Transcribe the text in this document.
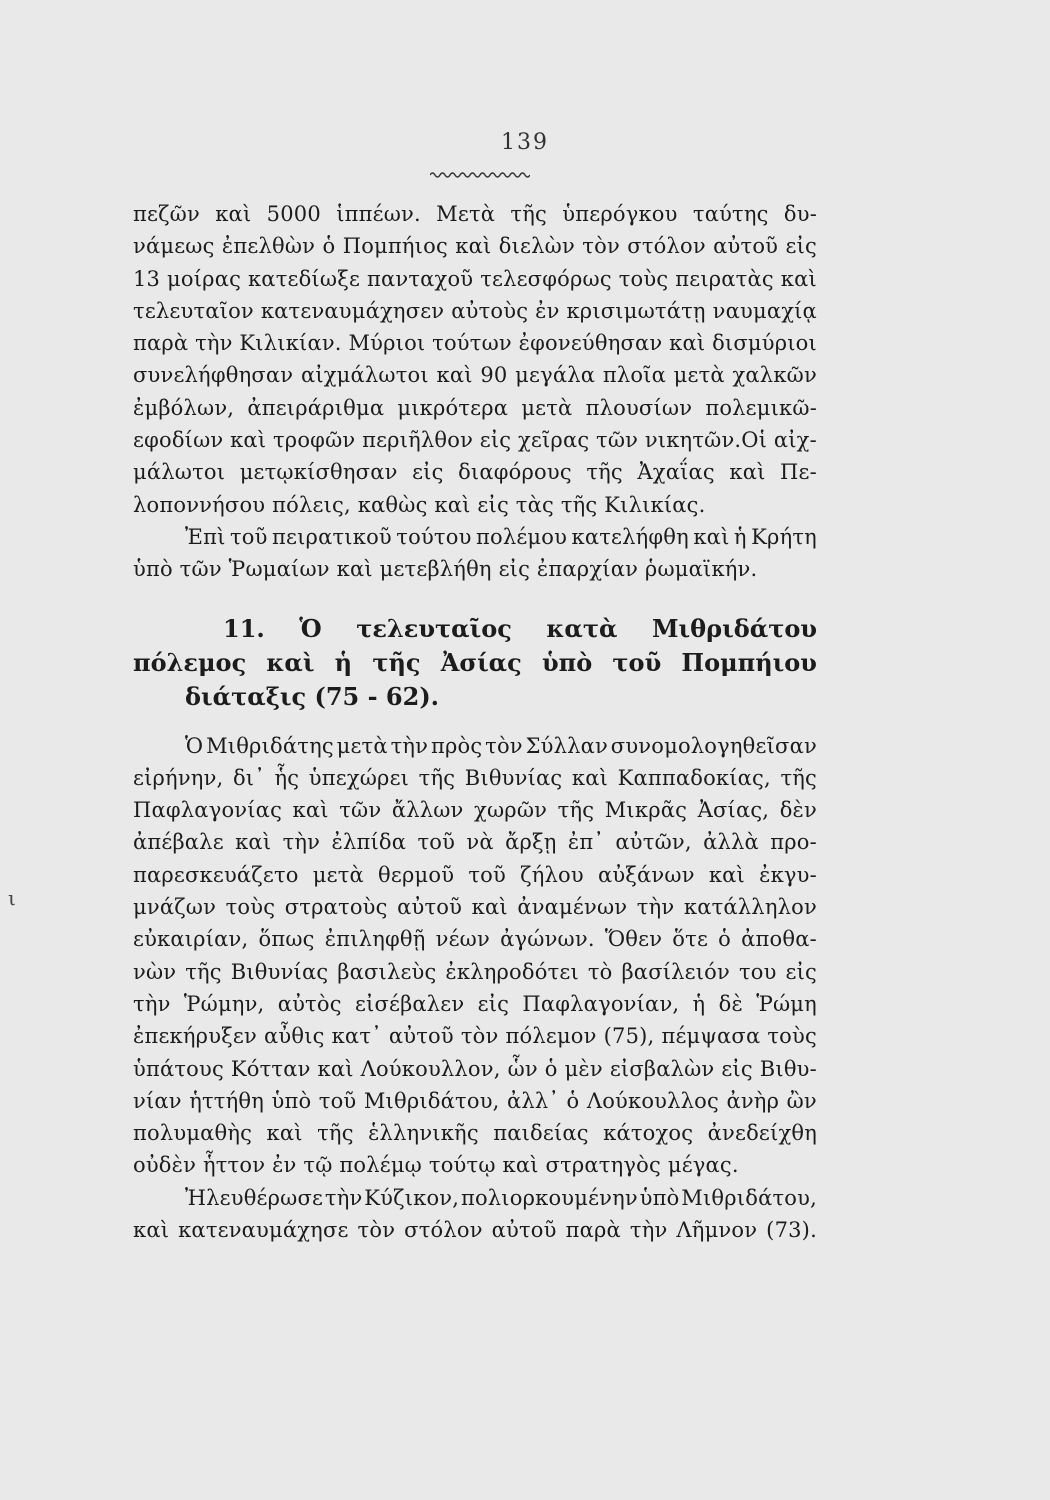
139
ι
πεζῶν καὶ 5000 ἱππέων. Μετὰ τῆς ὑπερόγκου ταύτης δυ-
νάμεως ἐπελθὼν ὁ Πομπήιος καὶ διελὼν τὸν στόλον αὐτοῦ εἰς
13 μοίρας κατεδίωξε πανταχοῦ τελεσφόρως τοὺς πειρατὰς καὶ
τελευταῖον κατεναυμάχησεν αὐτοὺς ἐν κρισιμωτάτῃ ναυμαχίᾳ
παρὰ τὴν Κιλικίαν. Μύριοι τούτων ἐφονεύθησαν καὶ δισμύριοι
συνελήφθησαν αἰχμάλωτοι καὶ 90 μεγάλα πλοῖα μετὰ χαλκῶν
ἐμβόλων, ἀπειράριθμα μικρότερα μετὰ πλουσίων πολεμικῶ-
εφοδίων καὶ τροφῶν περιῆλθον εἰς χεῖρας τῶν νικητῶν.Οἱ αἰχ-
μάλωτοι μετῳκίσθησαν εἰς διαφόρους τῆς Ἀχαΐας καὶ Πε-
λοποννήσου πόλεις, καθὼς καὶ εἰς τὰς τῆς Κιλικίας.
Ἐπὶ τοῦ πειρατικοῦ τούτου πολέμου κατελήφθη καὶ ἡ Κρήτη
ὑπὸ τῶν Ῥωμαίων καὶ μετεβλήθη εἰς ἐπαρχίαν ῥωμαϊκήν.
11. Ὁ τελευταῖος κατὰ Μιθριδάτου
πόλεμος καὶ ἡ τῆς Ἀσίας ὑπὸ τοῦ Πομπήιου
διάταξις (75 - 62).
Ὁ Μιθριδάτης μετὰ τὴν πρὸς τὸν Σύλλαν συνομολογηθεῖσαν
εἰρήνην, δι᾽ ἧς ὑπεχώρει τῆς Βιθυνίας καὶ Καππαδοκίας, τῆς
Παφλαγονίας καὶ τῶν ἄλλων χωρῶν τῆς Μικρᾶς Ἀσίας, δὲν
ἀπέβαλε καὶ τὴν ἐλπίδα τοῦ νὰ ἄρξῃ ἐπ᾽ αὐτῶν, ἀλλὰ προ-
παρεσκευάζετο μετὰ θερμοῦ τοῦ ζήλου αὐξάνων καὶ ἐκγυ-
μνάζων τοὺς στρατοὺς αὐτοῦ καὶ ἀναμένων τὴν κατάλληλον
εὐκαιρίαν, ὅπως ἐπιληφθῇ νέων ἀγώνων. Ὅθεν ὅτε ὁ ἀποθα-
νὼν τῆς Βιθυνίας βασιλεὺς ἐκληροδότει τὸ βασίλειόν του εἰς
τὴν Ῥώμην, αὐτὸς εἰσέβαλεν εἰς Παφλαγονίαν, ἡ δὲ Ῥώμη
ἐπεκήρυξεν αὖθις κατ᾽ αὐτοῦ τὸν πόλεμον (75), πέμψασα τοὺς
ὑπάτους Κότταν καὶ Λούκουλλον, ὧν ὁ μὲν εἰσβαλὼν εἰς Βιθυ-
νίαν ἡττήθη ὑπὸ τοῦ Μιθριδάτου, ἀλλ᾽ ὁ Λούκουλλος ἀνὴρ ὢν
πολυμαθὴς καὶ τῆς ἑλληνικῆς παιδείας κάτοχος ἀνεδείχθη
οὐδὲν ἧττον ἐν τῷ πολέμῳ τούτῳ καὶ στρατηγὸς μέγας.
Ἠλευθέρωσε τὴν Κύζικον, πολιορκουμένην ὑπὸ Μιθριδάτου,
καὶ κατεναυμάχησε τὸν στόλον αὐτοῦ παρὰ τὴν Λῆμνον (73).
